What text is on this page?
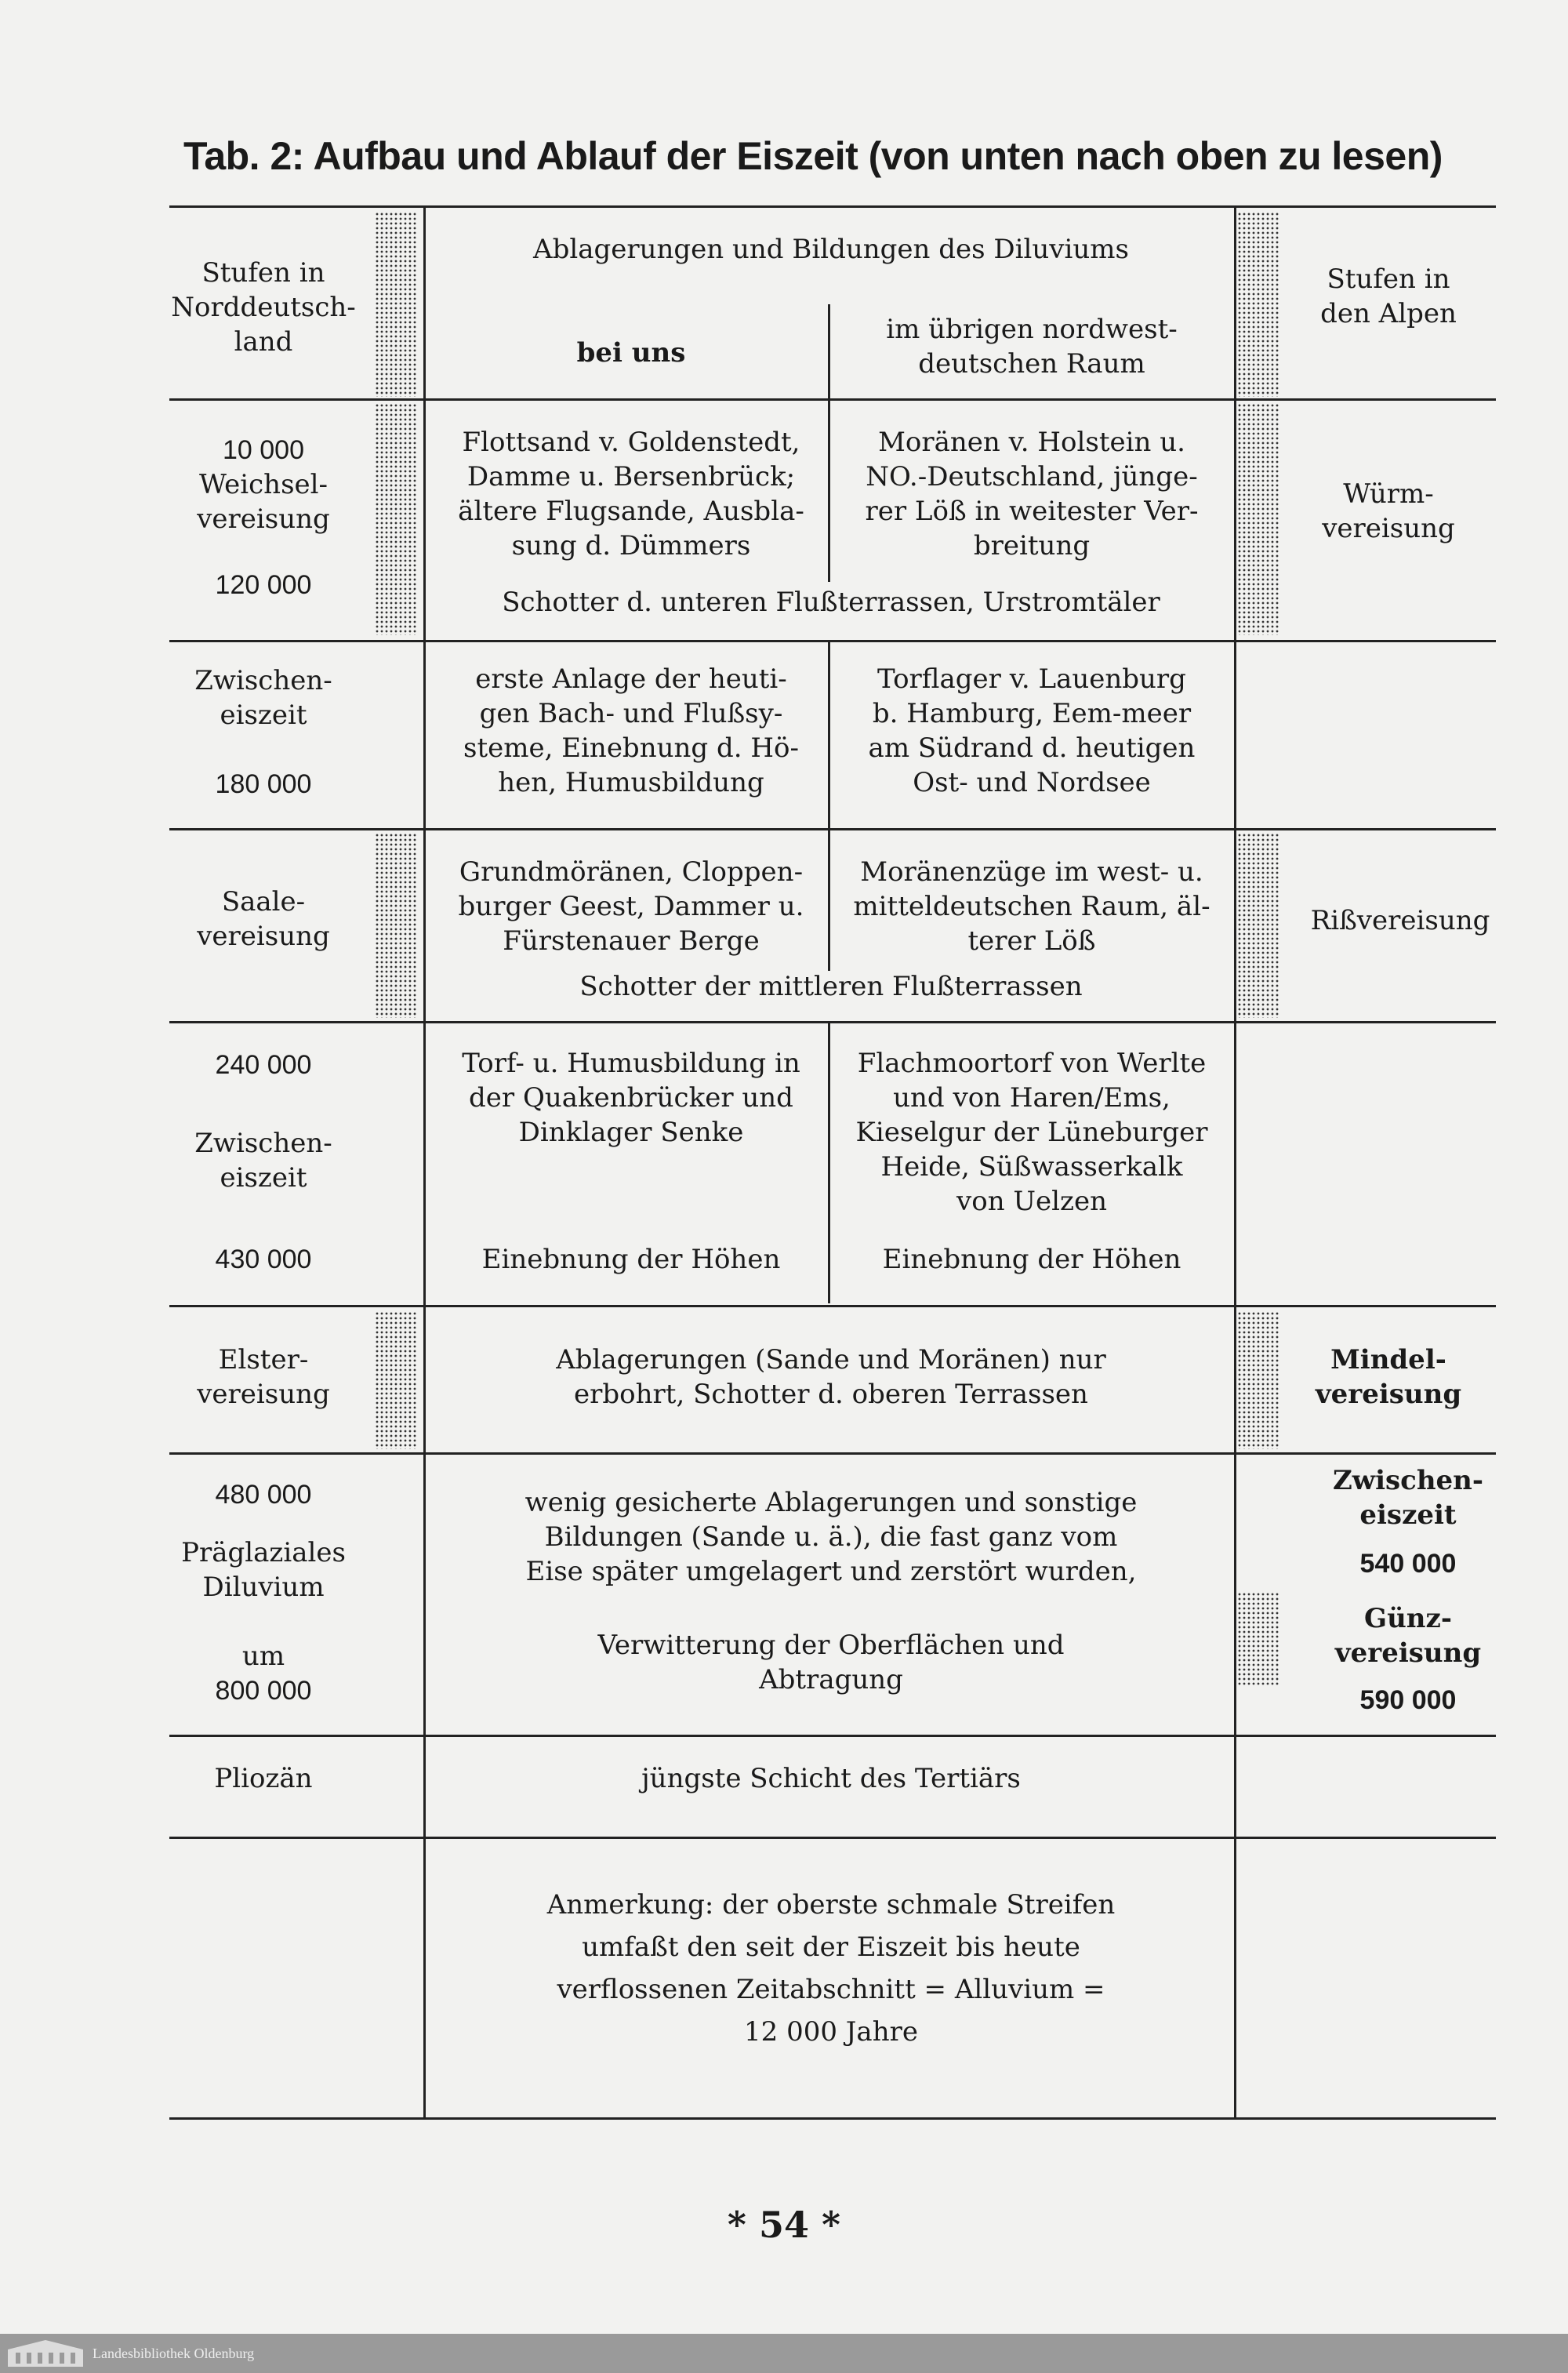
Tab. 2: Aufbau und Ablauf der Eiszeit (von unten nach oben zu lesen)
Stufen in
Norddeutsch-
land
Ablagerungen und Bildungen des Diluviums
bei uns
im übrigen nordwest-
deutschen Raum
Stufen in
den Alpen
10 000
Weichsel-
vereisung
120 000
Flottsand v. Goldenstedt,
Damme u. Bersenbrück;
ältere Flugsande, Ausbla-
sung d. Dümmers
Moränen v. Holstein u.
NO.-Deutschland, jünge-
rer Löß in weitester Ver-
breitung
Schotter d. unteren Flußterrassen, Urstromtäler
Würm-
vereisung
Zwischen-
eiszeit
180 000
erste Anlage der heuti-
gen Bach- und Flußsy-
steme, Einebnung d. Hö-
hen, Humusbildung
Torflager v. Lauenburg
b. Hamburg, Eem-meer
am Südrand d. heutigen
Ost- und Nordsee
Saale-
vereisung
Grundmöränen, Cloppen-
burger Geest, Dammer u.
Fürstenauer Berge
Moränenzüge im west- u.
mitteldeutschen Raum, äl-
terer Löß
Schotter der mittleren Flußterrassen
Rißvereisung
240 000
Zwischen-
eiszeit
430 000
Torf- u. Humusbildung in
der Quakenbrücker und
Dinklager Senke
Einebnung der Höhen
Flachmoortorf von Werlte
und von Haren/Ems,
Kieselgur der Lüneburger
Heide, Süßwasserkalk
von Uelzen
Einebnung der Höhen
Elster-
vereisung
Ablagerungen (Sande und Moränen) nur
erbohrt, Schotter d. oberen Terrassen
Mindel-
vereisung
480 000
Präglaziales
Diluvium
um
800 000
wenig gesicherte Ablagerungen und sonstige
Bildungen (Sande u. ä.), die fast ganz vom
Eise später umgelagert und zerstört wurden,
Verwitterung der Oberflächen und
Abtragung
Zwischen-
eiszeit
540 000
Günz-
vereisung
590 000
Pliozän	jüngste Schicht des Tertiärs
Anmerkung: der oberste schmale Streifen
umfaßt den seit der Eiszeit bis heute
verflossenen Zeitabschnitt = Alluvium =
12 000 Jahre
* 54 *
Landesbibliothek Oldenburg
